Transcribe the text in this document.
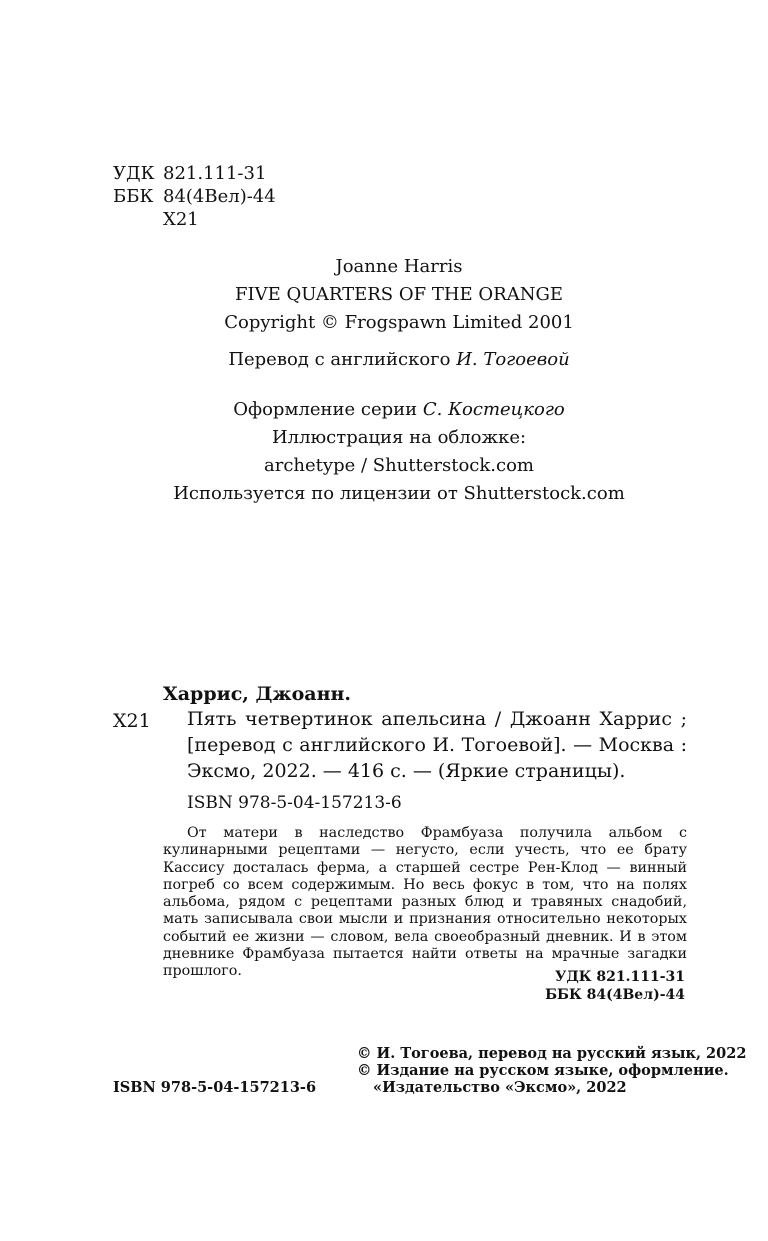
УДК 821.111-31
ББК 84(4Вел)-44
Х21
Joanne Harris
FIVE QUARTERS OF THE ORANGE
Copyright © Frogspawn Limited 2001
Перевод с английского И. Тогоевой
Оформление серии С. Костецкого
Иллюстрация на обложке:
archetype / Shutterstock.com
Используется по лицензии от Shutterstock.com
Харрис, Джоанн.
Х21 Пять четвертинок апельсина / Джоанн Харрис ; [перевод с английского И. Тогоевой]. — Москва : Эксмо, 2022. — 416 с. — (Яркие страницы).
ISBN 978-5-04-157213-6
От матери в наследство Фрамбуаза получила альбом с кулинарными рецептами — негусто, если учесть, что ее брату Кассису досталась ферма, а старшей сестре Рен-Клод — винный погреб со всем содержимым. Но весь фокус в том, что на полях альбома, рядом с рецептами разных блюд и травяных снадобий, мать записывала свои мысли и признания относительно некоторых событий ее жизни — словом, вела своеобразный дневник. И в этом дневнике Фрамбуаза пытается найти ответы на мрачные загадки прошлого.	УДК 821.111-31
ББК 84(4Вел)-44
© И. Тогоева, перевод на русский язык, 2022
© Издание на русском языке, оформление.
«Издательство «Эксмо», 2022
ISBN 978-5-04-157213-6
